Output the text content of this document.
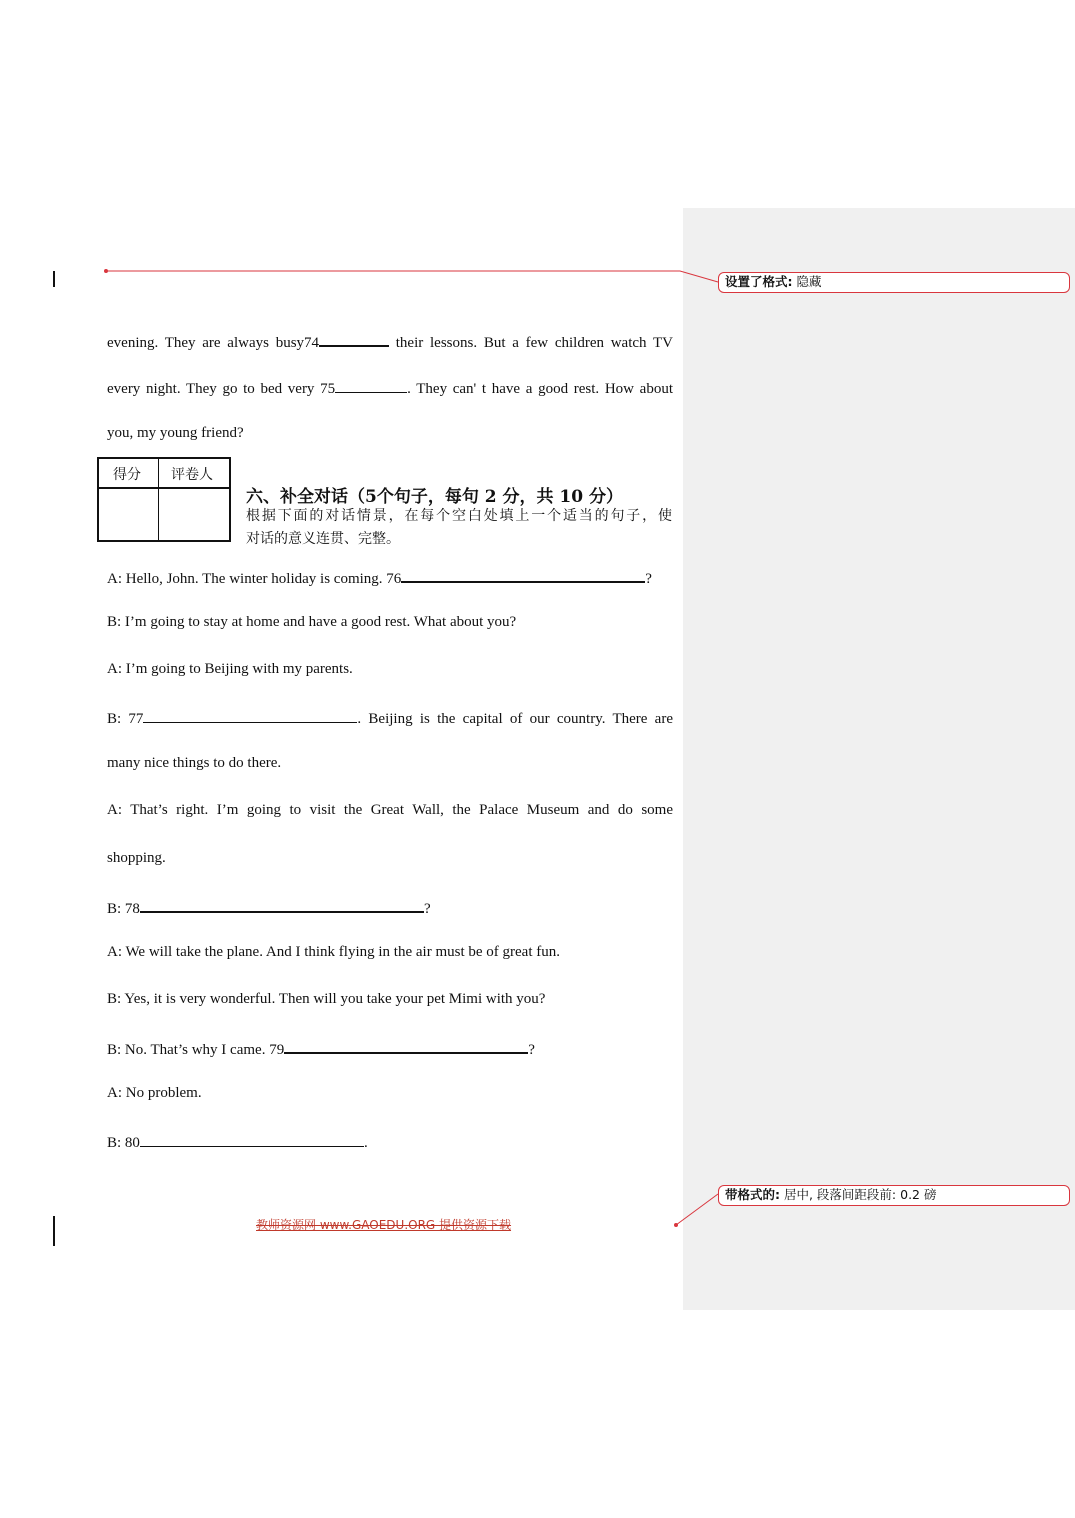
设置了格式: 隐藏
带格式的: 居中, 段落间距段前: 0.2 磅
evening. They are always busy74	their lessons. But a few children watch TV
every night. They go to bed very 75	. They can' t have a good rest. How about
you, my young friend?
得分 评卷人
六、补全对话（5个句子，每句 2 分，共 10 分）
根据下面的对话情景，在每个空白处填上一个适当的句子，使
对话的意义连贯、完整。
A: Hello, John. The winter holiday is coming. 76	?
B: I’m going to stay at home and have a good rest. What about you?
A: I’m going to Beijing with my parents.
B: 77	. Beijing is the capital of our country. There are
many nice things to do there.
A: That’s right. I’m going to visit the Great Wall, the Palace Museum and do some
shopping.
B: 78	?
A: We will take the plane. And I think flying in the air must be of great fun.
B: Yes, it is very wonderful. Then will you take your pet Mimi with you?
B: No. That’s why I came. 79	?
A: No problem.
B: 80	.
教师资源网 www.GAOEDU.ORG 提供资源下载
